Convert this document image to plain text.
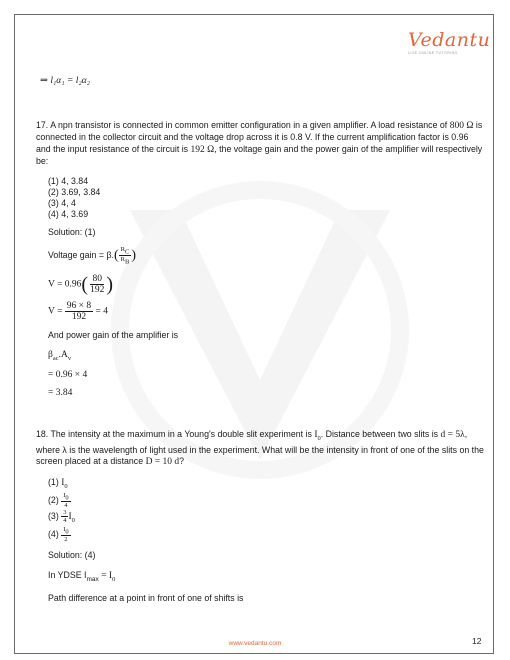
Vedantu
LIVE ONLINE TUTORING
⇒ l₁α₁ = l₂α₂

17. A npn transistor is connected in common emitter configuration in a given amplifier. A load resistance of 800 Ω is connected in the collector circuit and the voltage drop across it is 0.8 V. If the current amplification factor is 0.96 and the input resistance of the circuit is 192 Ω, the voltage gain and the power gain of the amplifier will respectively be:

(1) 4, 3.84
(2) 3.69, 3.84
(3) 4, 4
(4) 4, 3.69
Solution: (1)
Voltage gain = $\beta.( \frac{R_C}{R_B}$ )
$V = 0.96( \frac{80}{192}$ )
$V = \frac{96 \times 8}{192} = 4$
And power gain of the amplifier is
$\beta_{ac}.A_v$
= 0.96 × 4
= 3.84

18. The intensity at the maximum in a Young's double slit experiment is $I_0$. Distance between two slits is d = 5λ, where λ is the wavelength of light used in the experiment. What will be the intensity in front of one of the slits on the screen placed at a distance D = 10 d?

(1) $I_0$
$(2) \frac{I_0}{4}$
$(3) \frac{3}{4} I_0$
$(4) \frac{I_0}{2}$
Solution: (4)
In YDSE $I_{max} = I_0$
Path difference at a point in front of one of shifts is
www.vedantu.com	12
